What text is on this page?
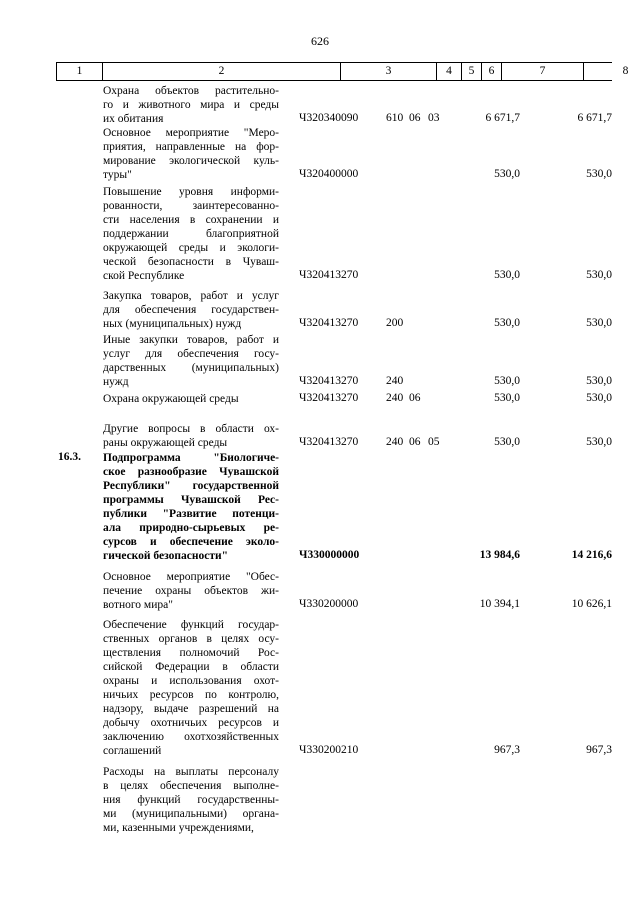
626
1	2	3	4	5	6	7	8
Охрана объектов растительно-
го и животного мира и среды
их обитания	Ч320340090	610 06 03	6 671,7	6 671,7
Основное мероприятие "Меро-
приятия, направленные на фор-
мирование экологической куль-
туры"	Ч320400000	530,0	530,0
Повышение уровня информи-
рованности, заинтересованно-
сти населения в сохранении и
поддержании благоприятной
окружающей среды и экологи-
ческой безопасности в Чуваш-
ской Республике	Ч320413270	530,0	530,0
Закупка товаров, работ и услуг
для обеспечения государствен-
ных (муниципальных) нужд	Ч320413270	200	530,0	530,0
Иные закупки товаров, работ и
услуг для обеспечения госу-
дарственных (муниципальных)
нужд	Ч320413270	240	530,0	530,0
Охрана окружающей среды	Ч320413270	240 06	530,0	530,0
Другие вопросы в области ох-
раны окружающей среды	Ч320413270	240 06 05	530,0	530,0
16.3. Подпрограмма "Биологиче-
ское разнообразие Чувашской
Республики" государственной
программы Чувашской Рес-
публики "Развитие потенци-
ала природно-сырьевых ре-
сурсов и обеспечение эколо-
гической безопасности"	Ч330000000	13 984,6	14 216,6
Основное мероприятие "Обес-
печение охраны объектов жи-
вотного мира"	Ч330200000	10 394,1	10 626,1
Обеспечение функций государ-
ственных органов в целях осу-
ществления полномочий Рос-
сийской Федерации в области
охраны и использования охот-
ничьих ресурсов по контролю,
надзору, выдаче разрешений на
добычу охотничьих ресурсов и
заключению охотхозяйственных
соглашений	Ч330200210	967,3	967,3
Расходы на выплаты персоналу
в целях обеспечения выполне-
ния функций государственны-
ми (муниципальными) органа-
ми, казенными учреждениями,
